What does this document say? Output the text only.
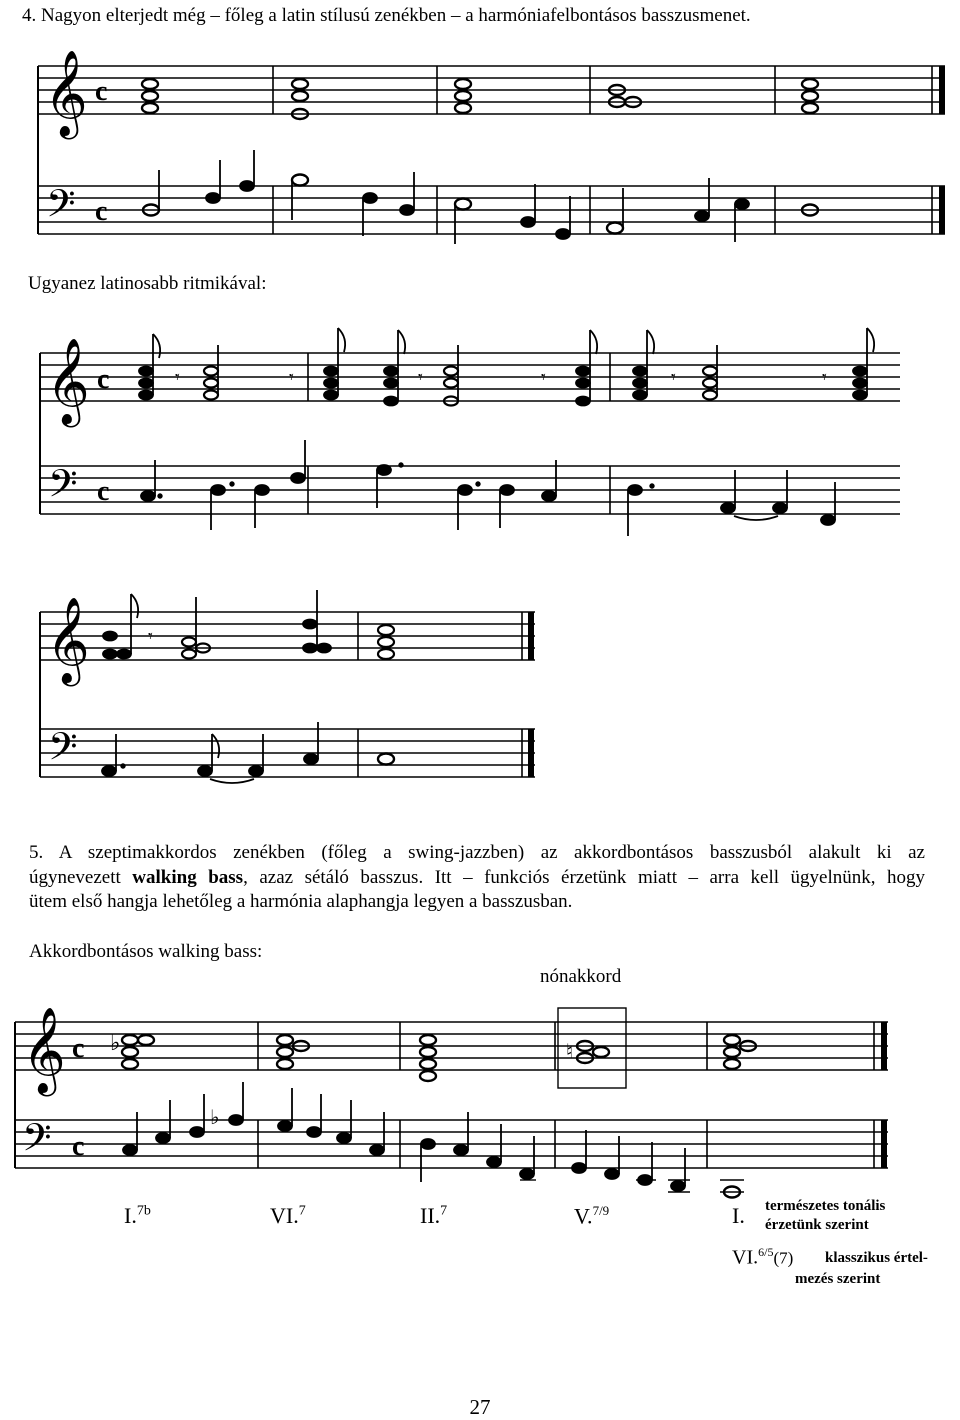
4. Nagyon elterjedt még – főleg a latin stílusú zenékben – a harmóniafelbontásos basszusmenet.
𝄞
𝄢
c
c
Ugyanez latinosabb ritmikával:
𝄞
𝄢
c
c
𝄞
𝄢
𝄾	𝄾	𝄾	𝄾	𝄾	𝄾
𝄾
5. A szeptimakkordos zenékben (főleg a swing-jazzben) az akkordbontásos basszusból alakult ki az
úgynevezett walking bass, azaz sétáló basszus. Itt – funkciós érzetünk miatt – arra kell ügyelnünk, hogy
ütem első hangja lehetőleg a harmónia alaphangja legyen a basszusban.
Akkordbontásos walking bass:
nónakkord
𝄞
𝄢
c
c
♭	♮
♭
I.$^{7b}$	VI.$^7$	II.$^7$	V.$^{7/9}$	I. természetes tonális
érzetünk szerint
VI.$^{6/5}$(7) klasszikus értel-
mezés szerint
27
